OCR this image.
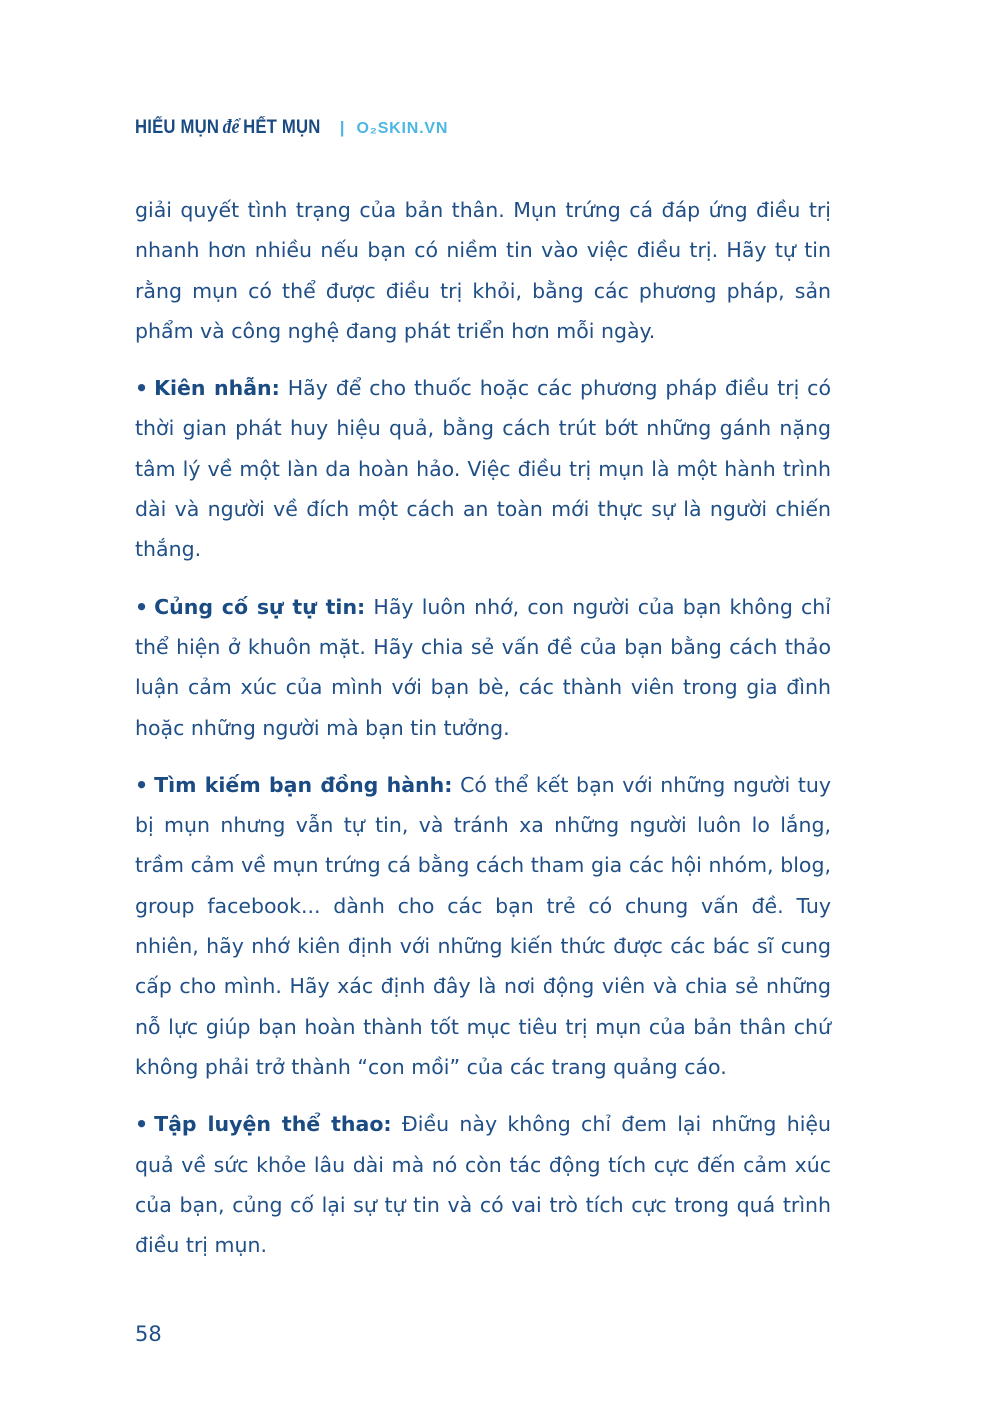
HIỂU MỤN để HẾT MỤN | O₂SKIN.VN

giải quyết tình trạng của bản thân. Mụn trứng cá đáp ứng điều trị nhanh hơn nhiều nếu bạn có niềm tin vào việc điều trị. Hãy tự tin rằng mụn có thể được điều trị khỏi, bằng các phương pháp, sản phẩm và công nghệ đang phát triển hơn mỗi ngày.

• Kiên nhẫn: Hãy để cho thuốc hoặc các phương pháp điều trị có thời gian phát huy hiệu quả, bằng cách trút bớt những gánh nặng tâm lý về một làn da hoàn hảo. Việc điều trị mụn là một hành trình dài và người về đích một cách an toàn mới thực sự là người chiến thắng.

• Củng cố sự tự tin: Hãy luôn nhớ, con người của bạn không chỉ thể hiện ở khuôn mặt. Hãy chia sẻ vấn đề của bạn bằng cách thảo luận cảm xúc của mình với bạn bè, các thành viên trong gia đình hoặc những người mà bạn tin tưởng.

• Tìm kiếm bạn đồng hành: Có thể kết bạn với những người tuy bị mụn nhưng vẫn tự tin, và tránh xa những người luôn lo lắng, trầm cảm về mụn trứng cá bằng cách tham gia các hội nhóm, blog, group facebook... dành cho các bạn trẻ có chung vấn đề. Tuy nhiên, hãy nhớ kiên định với những kiến thức được các bác sĩ cung cấp cho mình. Hãy xác định đây là nơi động viên và chia sẻ những nỗ lực giúp bạn hoàn thành tốt mục tiêu trị mụn của bản thân chứ không phải trở thành “con mồi” của các trang quảng cáo.

• Tập luyện thể thao: Điều này không chỉ đem lại những hiệu quả về sức khỏe lâu dài mà nó còn tác động tích cực đến cảm xúc của bạn, củng cố lại sự tự tin và có vai trò tích cực trong quá trình điều trị mụn.

58
